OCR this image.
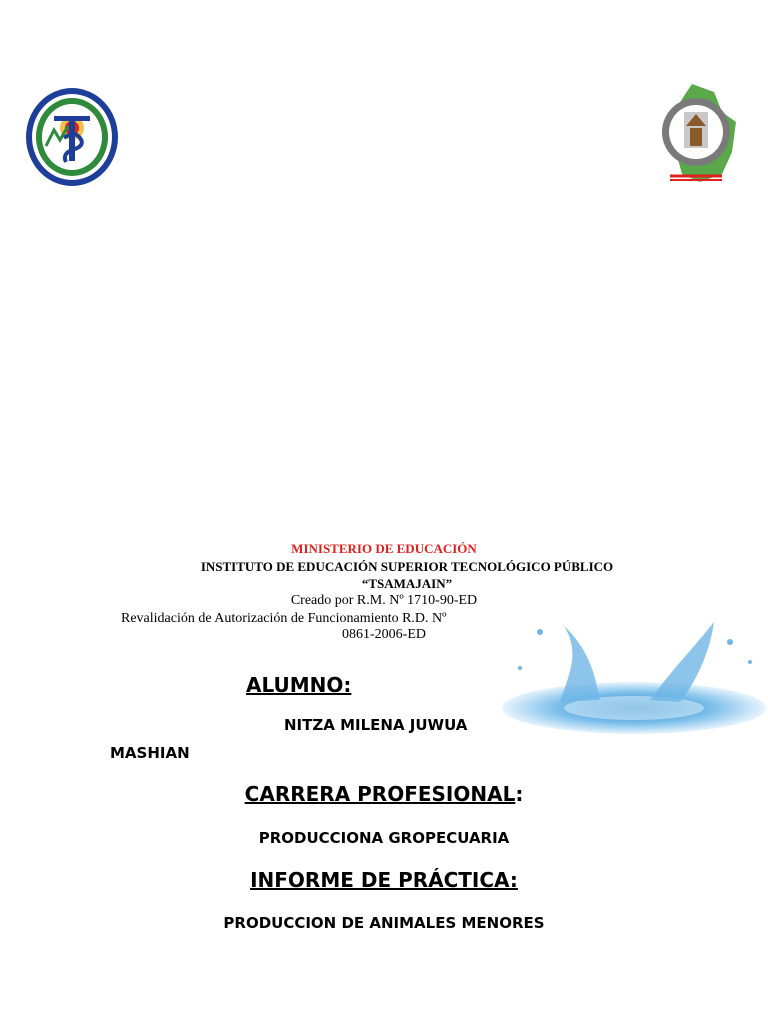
MINISTERIO DE EDUCACIÓN
INSTITUTO DE EDUCACIÓN SUPERIOR TECNOLÓGICO PÚBLICO
“TSAMAJAIN”
Creado por R.M. Nº 1710-90-ED
Revalidación de Autorización de Funcionamiento R.D. Nº
0861-2006-ED
ALUMNO:
NITZA MILENA JUWUA
MASHIAN
CARRERA PROFESIONAL:
PRODUCCIONA GROPECUARIA
INFORME DE PRÁCTICA:
PRODUCCION DE ANIMALES MENORES
